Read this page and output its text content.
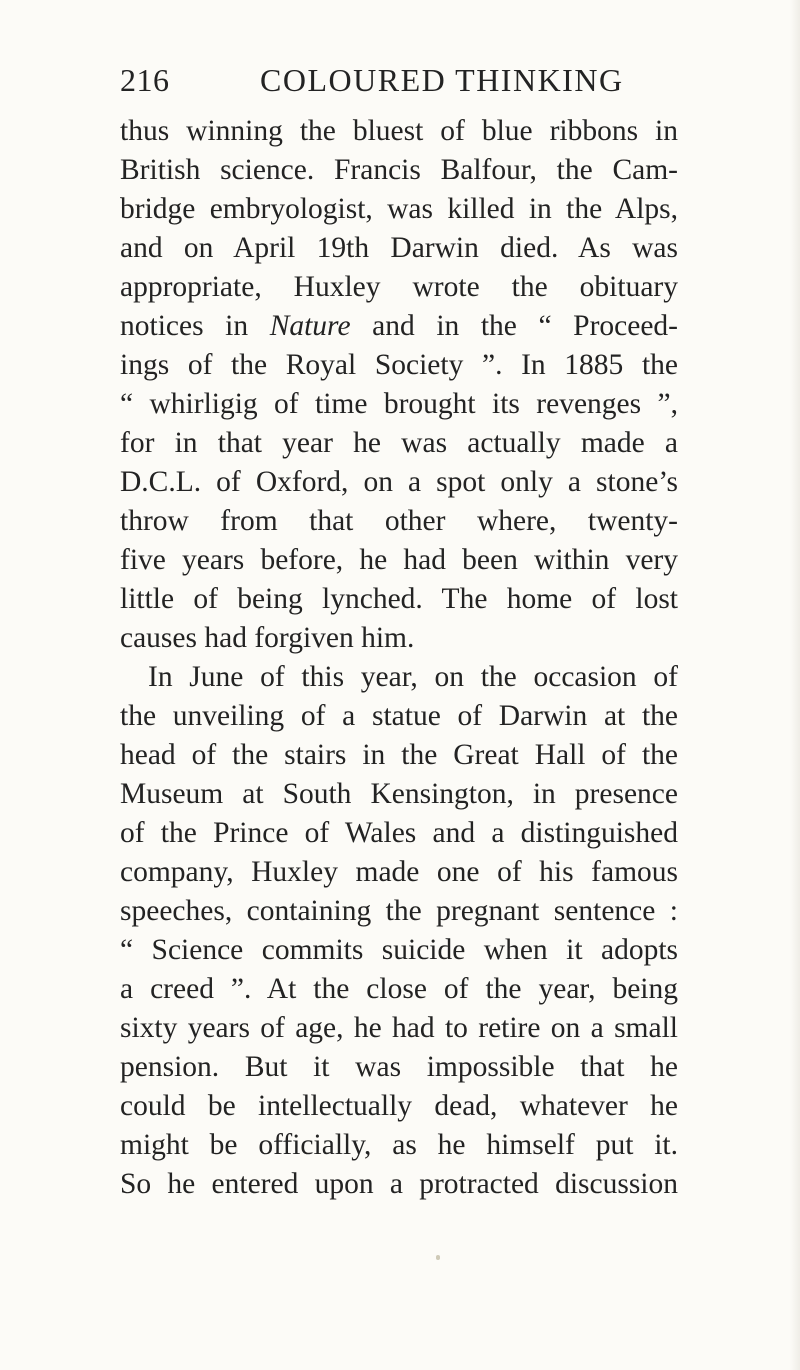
216	COLOURED THINKING
thus winning the bluest of blue ribbons in
British science. Francis Balfour, the Cam-
bridge embryologist, was killed in the Alps,
and on April 19th Darwin died. As was
appropriate, Huxley wrote the obituary
notices in Nature and in the “ Proceed-
ings of the Royal Society ”. In 1885 the
“ whirligig of time brought its revenges ”,
for in that year he was actually made a
D.C.L. of Oxford, on a spot only a stone’s
throw from that other where, twenty-
five years before, he had been within very
little of being lynched. The home of lost
causes had forgiven him.
In June of this year, on the occasion of
the unveiling of a statue of Darwin at the
head of the stairs in the Great Hall of the
Museum at South Kensington, in presence
of the Prince of Wales and a distinguished
company, Huxley made one of his famous
speeches, containing the pregnant sentence :
“ Science commits suicide when it adopts
a creed ”. At the close of the year, being
sixty years of age, he had to retire on a small
pension. But it was impossible that he
could be intellectually dead, whatever he
might be officially, as he himself put it.
So he entered upon a protracted discussion
